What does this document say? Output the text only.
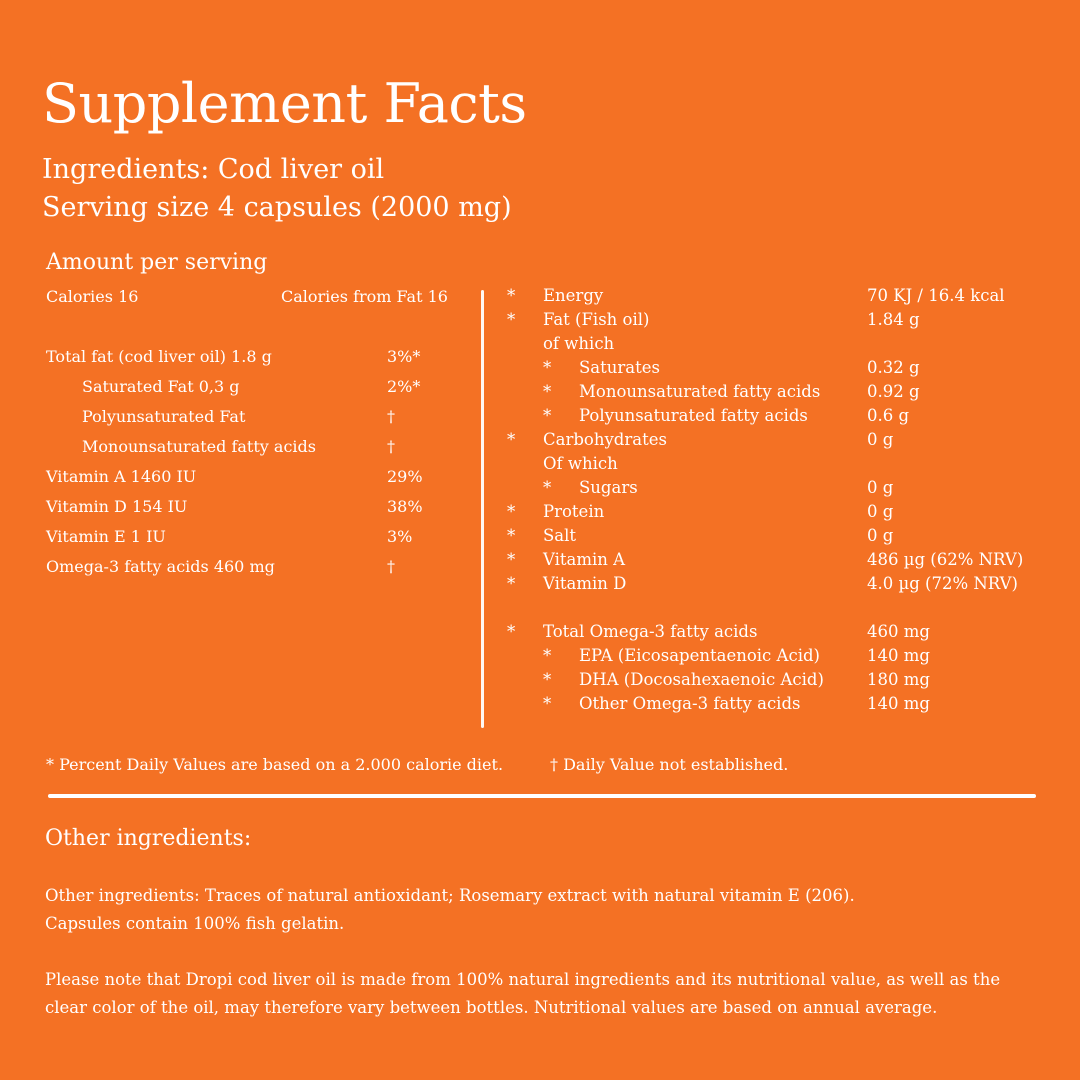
Supplement Facts
Ingredients: Cod liver oil
Serving size 4 capsules (2000 mg)
Amount per serving
Calories 16	Calories from Fat 16
Total fat (cod liver oil) 1.8 g	3%*
Saturated Fat 0,3 g	2%*
Polyunsaturated Fat	†
Monounsaturated fatty acids	†
Vitamin A 1460 IU	29%
Vitamin D 154 IU	38%
Vitamin E 1 IU	3%
Omega-3 fatty acids 460 mg	†
* Energy	70 KJ / 16.4 kcal
* Fat (Fish oil)	1.84 g
of which
* Saturates	0.32 g
* Monounsaturated fatty acids	0.92 g
* Polyunsaturated fatty acids	0.6 g
* Carbohydrates	0 g
Of which
* Sugars	0 g
* Protein	0 g
* Salt	0 g
* Vitamin A	486 µg (62% NRV)
* Vitamin D	4.0 µg (72% NRV)
* Total Omega-3 fatty acids	460 mg
* EPA (Eicosapentaenoic Acid)	140 mg
* DHA (Docosahexaenoic Acid)	180 mg
* Other Omega-3 fatty acids	140 mg
* Percent Daily Values are based on a 2.000 calorie diet.	† Daily Value not established.
Other ingredients:
Other ingredients: Traces of natural antioxidant; Rosemary extract with natural vitamin E (206).
Capsules contain 100% fish gelatin.
Please note that Dropi cod liver oil is made from 100% natural ingredients and its nutritional value, as well as the
clear color of the oil, may therefore vary between bottles. Nutritional values are based on annual average.
